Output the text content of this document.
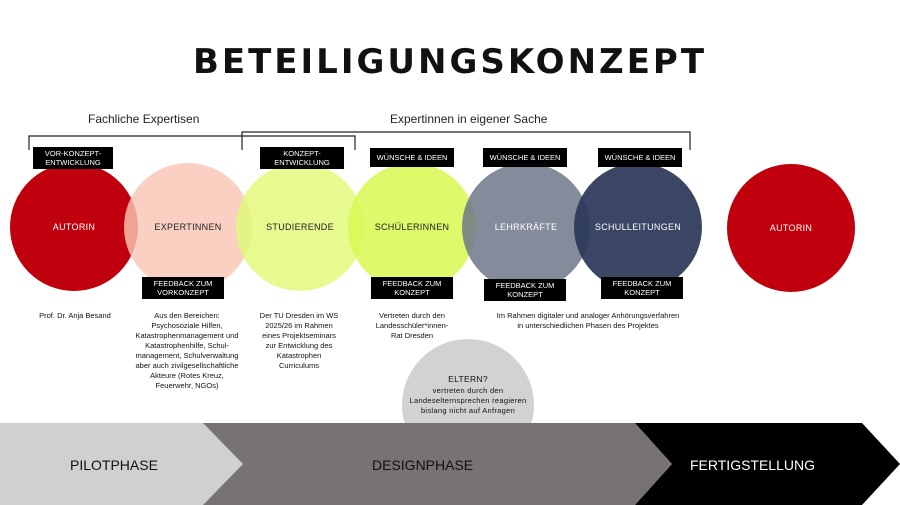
BETEILIGUNGSKONZEPT
Fachliche Expertisen	Expertinnen in eigener Sache
AUTORIN	EXPERTINNEN	STUDIERENDE	SCHÜLERINNEN	LEHRKRÄFTE	SCHULLEITUNGEN	AUTORIN
VOR-KONZEPT-
ENTWICKLUNG
KONZEPT-
ENTWICKLUNG
WÜNSCHE & IDEEN	WÜNSCHE & IDEEN	WÜNSCHE & IDEEN
FEEDBACK ZUM
VORKONZEPT
FEEDBACK ZUM
KONZEPT
FEEDBACK ZUM
KONZEPT
FEEDBACK ZUM
KONZEPT
Prof. Dr. Anja Besand	Aus den Bereichen:
Psychosoziale Hilfen,
Katastrophenmanagement und
Katastrophenhilfe, Schul-
management, Schulverwaltung
aber auch zivilgesellschaftliche
Akteure (Rotes Kreuz,
Feuerwehr, NGOs)
Der TU Dresden im WS
2025/26 im Rahmen
eines Projektseminars
zur Entwicklung des
Katastrophen
Curriculums
Vertreten durch den
Landesschüler*innen-
Rat Dresden
Im Rahmen digitaler und analoger Anhörungsverfahren
in unterschiedlichen Phasen des Projektes
ELTERN?
vertreten durch den
Landeselternsprechen reagieren
bislang nicht auf Anfragen
PILOTPHASE	DESIGNPHASE	FERTIGSTELLUNG
